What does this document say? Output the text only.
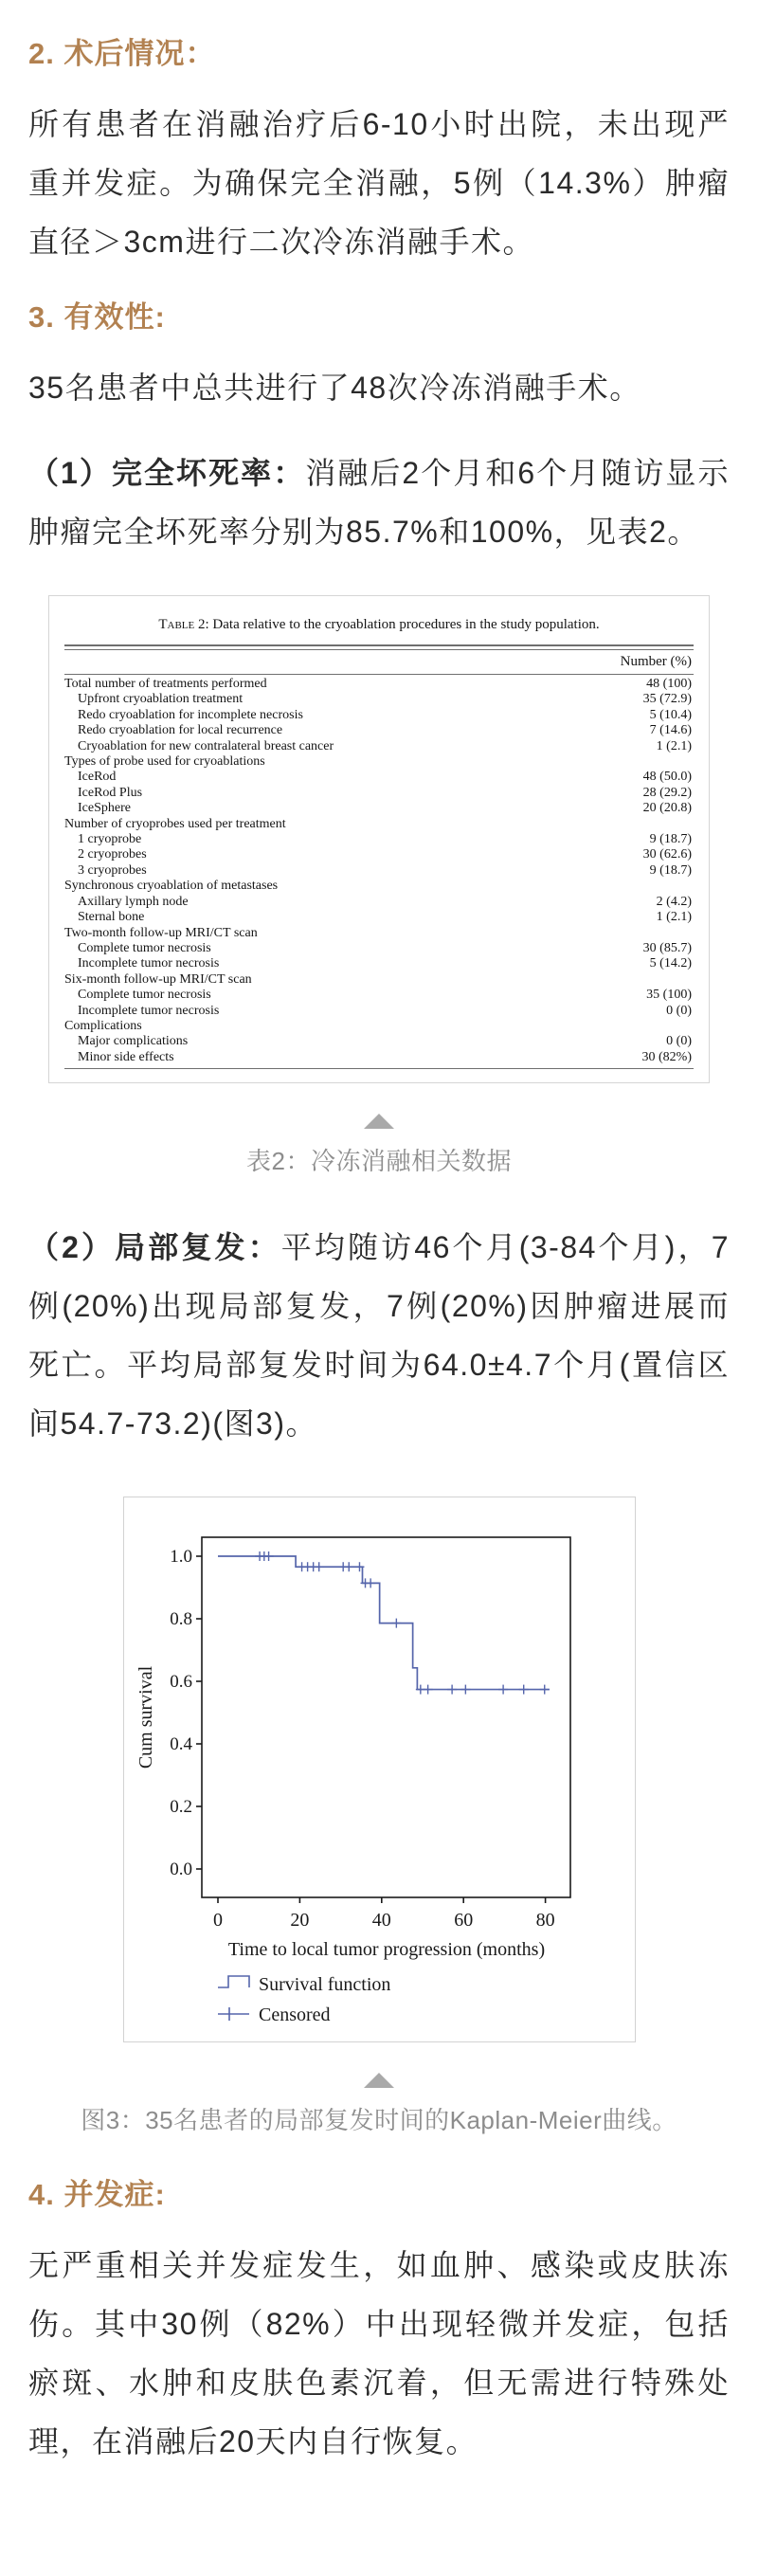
2. 术后情况：

所有患者在消融治疗后6-10小时出院，未出现严重并发症。为确保完全消融，5例（14.3%）肿瘤直径＞3cm进行二次冷冻消融手术。

3. 有效性:

35名患者中总共进行了48次冷冻消融手术。

（1）完全坏死率：消融后2个月和6个月随访显示肿瘤完全坏死率分别为85.7%和100%，见表2。

Table 2: Data relative to the cryoablation procedures in the study population.
Number (%)
Total number of treatments performed	48 (100)
Upfront cryoablation treatment	35 (72.9)
Redo cryoablation for incomplete necrosis	5 (10.4)
Redo cryoablation for local recurrence	7 (14.6)
Cryoablation for new contralateral breast cancer	1 (2.1)
Types of probe used for cryoablations
IceRod	48 (50.0)
IceRod Plus	28 (29.2)
IceSphere	20 (20.8)
Number of cryoprobes used per treatment
1 cryoprobe	9 (18.7)
2 cryoprobes	30 (62.6)
3 cryoprobes	9 (18.7)
Synchronous cryoablation of metastases
Axillary lymph node	2 (4.2)
Sternal bone	1 (2.1)
Two-month follow-up MRI/CT scan
Complete tumor necrosis	30 (85.7)
Incomplete tumor necrosis	5 (14.2)
Six-month follow-up MRI/CT scan
Complete tumor necrosis	35 (100)
Incomplete tumor necrosis	0 (0)
Complications
Major complications	0 (0)
Minor side effects	30 (82%)
表2：冷冻消融相关数据

（2）局部复发：平均随访46个月(3-84个月)，7例(20%)出现局部复发，7例(20%)因肿瘤进展而死亡。平均局部复发时间为64.0±4.7个月(置信区间54.7-73.2)(图3)。

1.0
0.8
0.6
0.4
0.2
0.0
0	20	40	60	80
Time to local tumor progression (months)
Cum survival
Survival function
Censored
图3：35名患者的局部复发时间的Kaplan-Meier曲线。
4. 并发症:

无严重相关并发症发生，如血肿、感染或皮肤冻伤。其中30例（82%）中出现轻微并发症，包括瘀斑、水肿和皮肤色素沉着，但无需进行特殊处理，在消融后20天内自行恢复。
